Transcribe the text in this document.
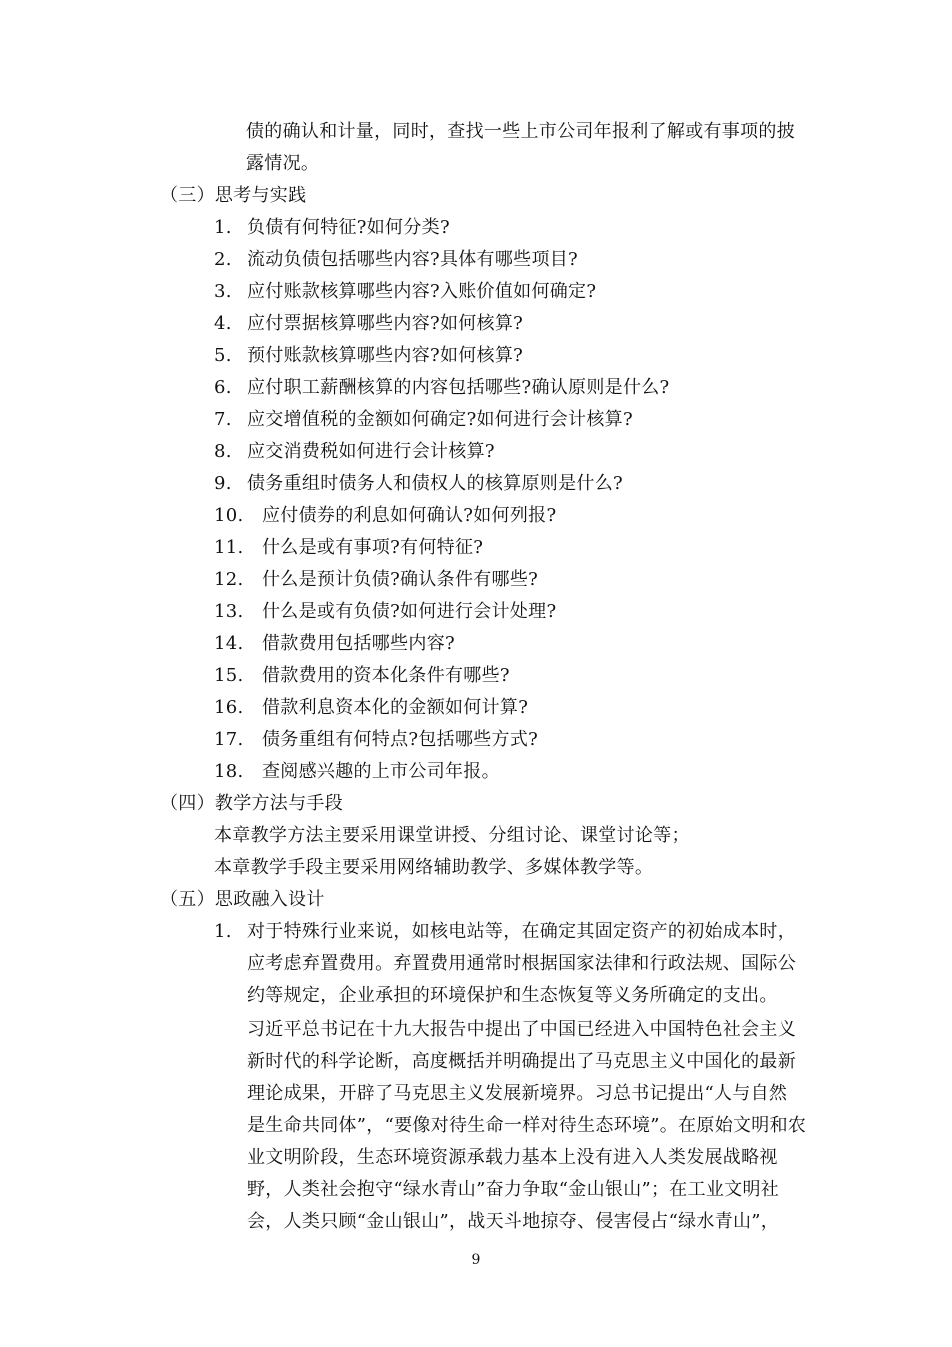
债的确认和计量，同时，查找一些上市公司年报利了解或有事项的披
露情况。
（三）思考与实践
1. 负债有何特征?如何分类?
2. 流动负债包括哪些内容?具体有哪些项目?
3. 应付账款核算哪些内容?入账价值如何确定?
4. 应付票据核算哪些内容?如何核算?
5. 预付账款核算哪些内容?如何核算?
6. 应付职工薪酬核算的内容包括哪些?确认原则是什么?
7. 应交增值税的金额如何确定?如何进行会计核算?
8. 应交消费税如何进行会计核算?
9. 债务重组时债务人和债权人的核算原则是什么?
10. 应付债券的利息如何确认?如何列报?
11. 什么是或有事项?有何特征?
12. 什么是预计负债?确认条件有哪些?
13. 什么是或有负债?如何进行会计处理?
14. 借款费用包括哪些内容?
15. 借款费用的资本化条件有哪些?
16. 借款利息资本化的金额如何计算?
17. 债务重组有何特点?包括哪些方式?
18. 查阅感兴趣的上市公司年报。
（四）教学方法与手段
本章教学方法主要采用课堂讲授、分组讨论、课堂讨论等；
本章教学手段主要采用网络辅助教学、多媒体教学等。
（五）思政融入设计
1. 对于特殊行业来说，如核电站等，在确定其固定资产的初始成本时，
应考虑弃置费用。弃置费用通常时根据国家法律和行政法规、国际公
约等规定，企业承担的环境保护和生态恢复等义务所确定的支出。
习近平总书记在十九大报告中提出了中国已经进入中国特色社会主义
新时代的科学论断，高度概括并明确提出了马克思主义中国化的最新
理论成果，开辟了马克思主义发展新境界。习总书记提出“人与自然
是生命共同体”，“要像对待生命一样对待生态环境”。在原始文明和农
业文明阶段，生态环境资源承载力基本上没有进入人类发展战略视
野，人类社会抱守“绿水青山”奋力争取“金山银山”；在工业文明社
会，人类只顾“金山银山”，战天斗地掠夺、侵害侵占“绿水青山”，
9
